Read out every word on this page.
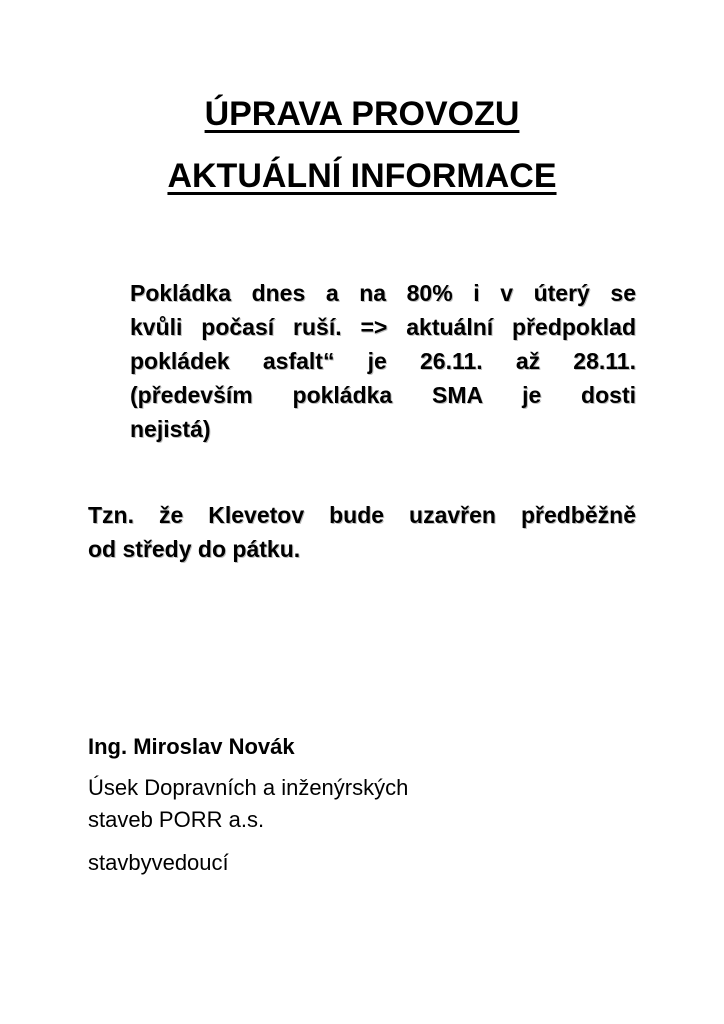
ÚPRAVA PROVOZU
AKTUÁLNÍ INFORMACE
Pokládka dnes a na 80% i v úterý se
kvůli počasí ruší. => aktuální předpoklad
pokládek asfalt“ je 26.11. až 28.11.
(především pokládka SMA je dosti
nejistá)
Tzn. že Klevetov bude uzavřen předběžně
od středy do pátku.
Ing. Miroslav Novák
Úsek Dopravních a inženýrských
staveb PORR a.s.
stavbyvedoucí
